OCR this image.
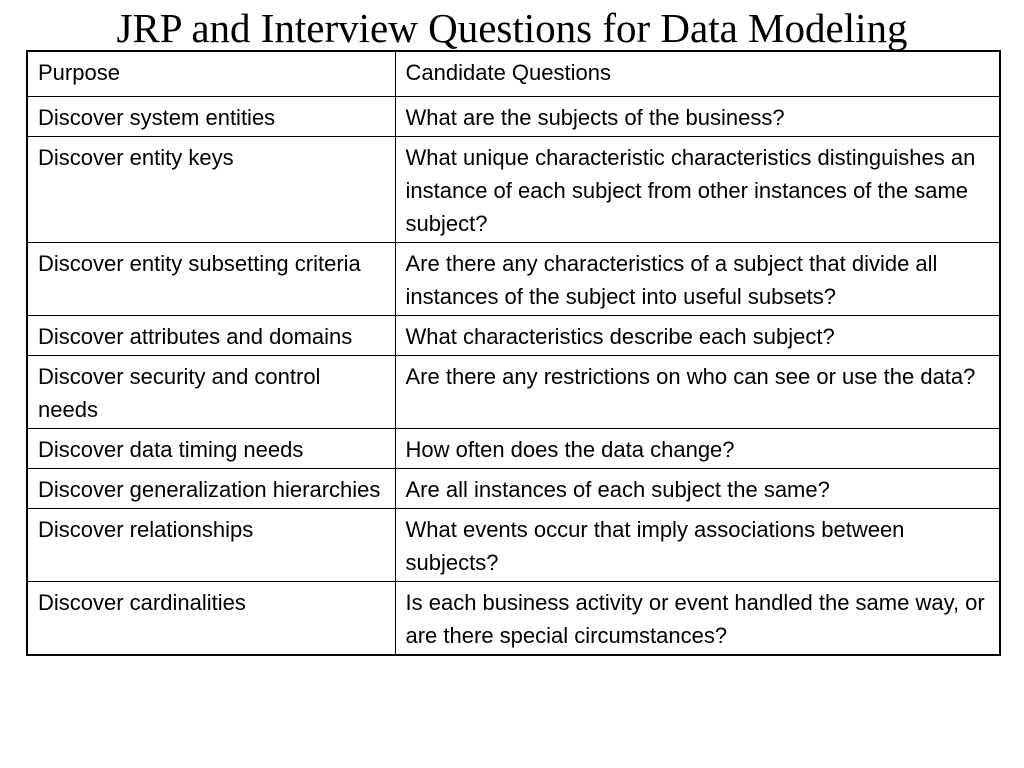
JRP and Interview Questions for Data Modeling
Purpose	Candidate Questions
Discover system entities	What are the subjects of the business?
Discover entity keys	What unique characteristic characteristics distinguishes an instance of each subject from other instances of the same subject?
Discover entity subsetting criteria	Are there any characteristics of a subject that divide all instances of the subject into useful subsets?
Discover attributes and domains	What characteristics describe each subject?
Discover security and control needs	Are there any restrictions on who can see or use the data?
Discover data timing needs	How often does the data change?
Discover generalization hierarchies	Are all instances of each subject the same?
Discover relationships	What events occur that imply associations between subjects?
Discover cardinalities	Is each business activity or event handled the same way, or are there special circumstances?
